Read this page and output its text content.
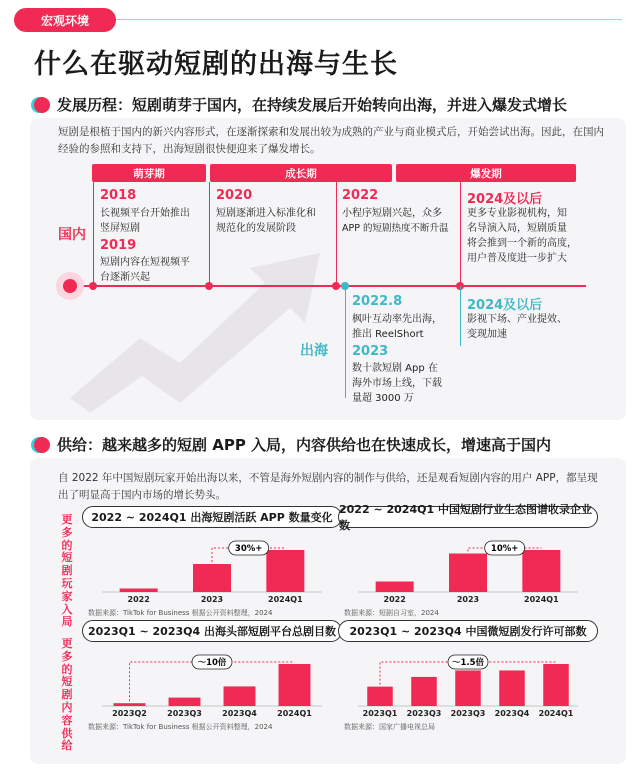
宏观环境
什么在驱动短剧的出海与生长
发展历程：短剧萌芽于国内，在持续发展后开始转向出海，并进入爆发式增长
短剧是根植于国内的新兴内容形式，在逐渐探索和发展出较为成熟的产业与商业模式后，开始尝试出海。因此，在国内
经验的参照和支持下，出海短剧很快便迎来了爆发增长。
萌芽期	成长期	爆发期
国内
出海
2018
长视频平台开始推出
竖屏短剧
2019
短剧内容在短视频平
台逐渐兴起
2020
短剧逐渐进入标准化和
规范化的发展阶段
2022
小程序短剧兴起，众多
APP 的短剧热度不断升温
2024及以后
更多专业影视机构，知
名导演入局，短剧质量
将会推到一个新的高度，
用户普及度进一步扩大
2022.8
枫叶互动率先出海，
推出 ReelShort
2023
数十款短剧 App 在
海外市场上线，下载
量超 3000 万
2024及以后
影视下场、产业提效、
变现加速
供给：越来越多的短剧 APP 入局，内容供给也在快速成长，增速高于国内
自 2022 年中国短剧玩家开始出海以来，不管是海外短剧内容的制作与供给，还是观看短剧内容的用户 APP，都呈现
出了明显高于国内市场的增长势头。
更
多
的
短
剧
玩
家
入
局
更
多
的
短
剧
内
容
供
给
2022 ~ 2024Q1 出海短剧活跃 APP 数量变化
2022	2023	2024Q1
30%+
数据来源：TikTok for Business 根据公开资料整理，2024
2022 ~ 2024Q1 中国短剧行业生态图谱收录企业数
2022	2023	2024Q1
10%+
数据来源：短剧自习室，2024
2023Q1 ~ 2023Q4 出海头部短剧平台总剧目数
2023Q2	2023Q3	2023Q4	2024Q1
〜10倍
数据来源：TikTok for Business 根据公开资料整理，2024
2023Q1 ~ 2023Q4 中国微短剧发行许可部数
2023Q1 2023Q3 2023Q3 2023Q4 2024Q1
〜1.5倍
数据来源：国家广播电视总局
